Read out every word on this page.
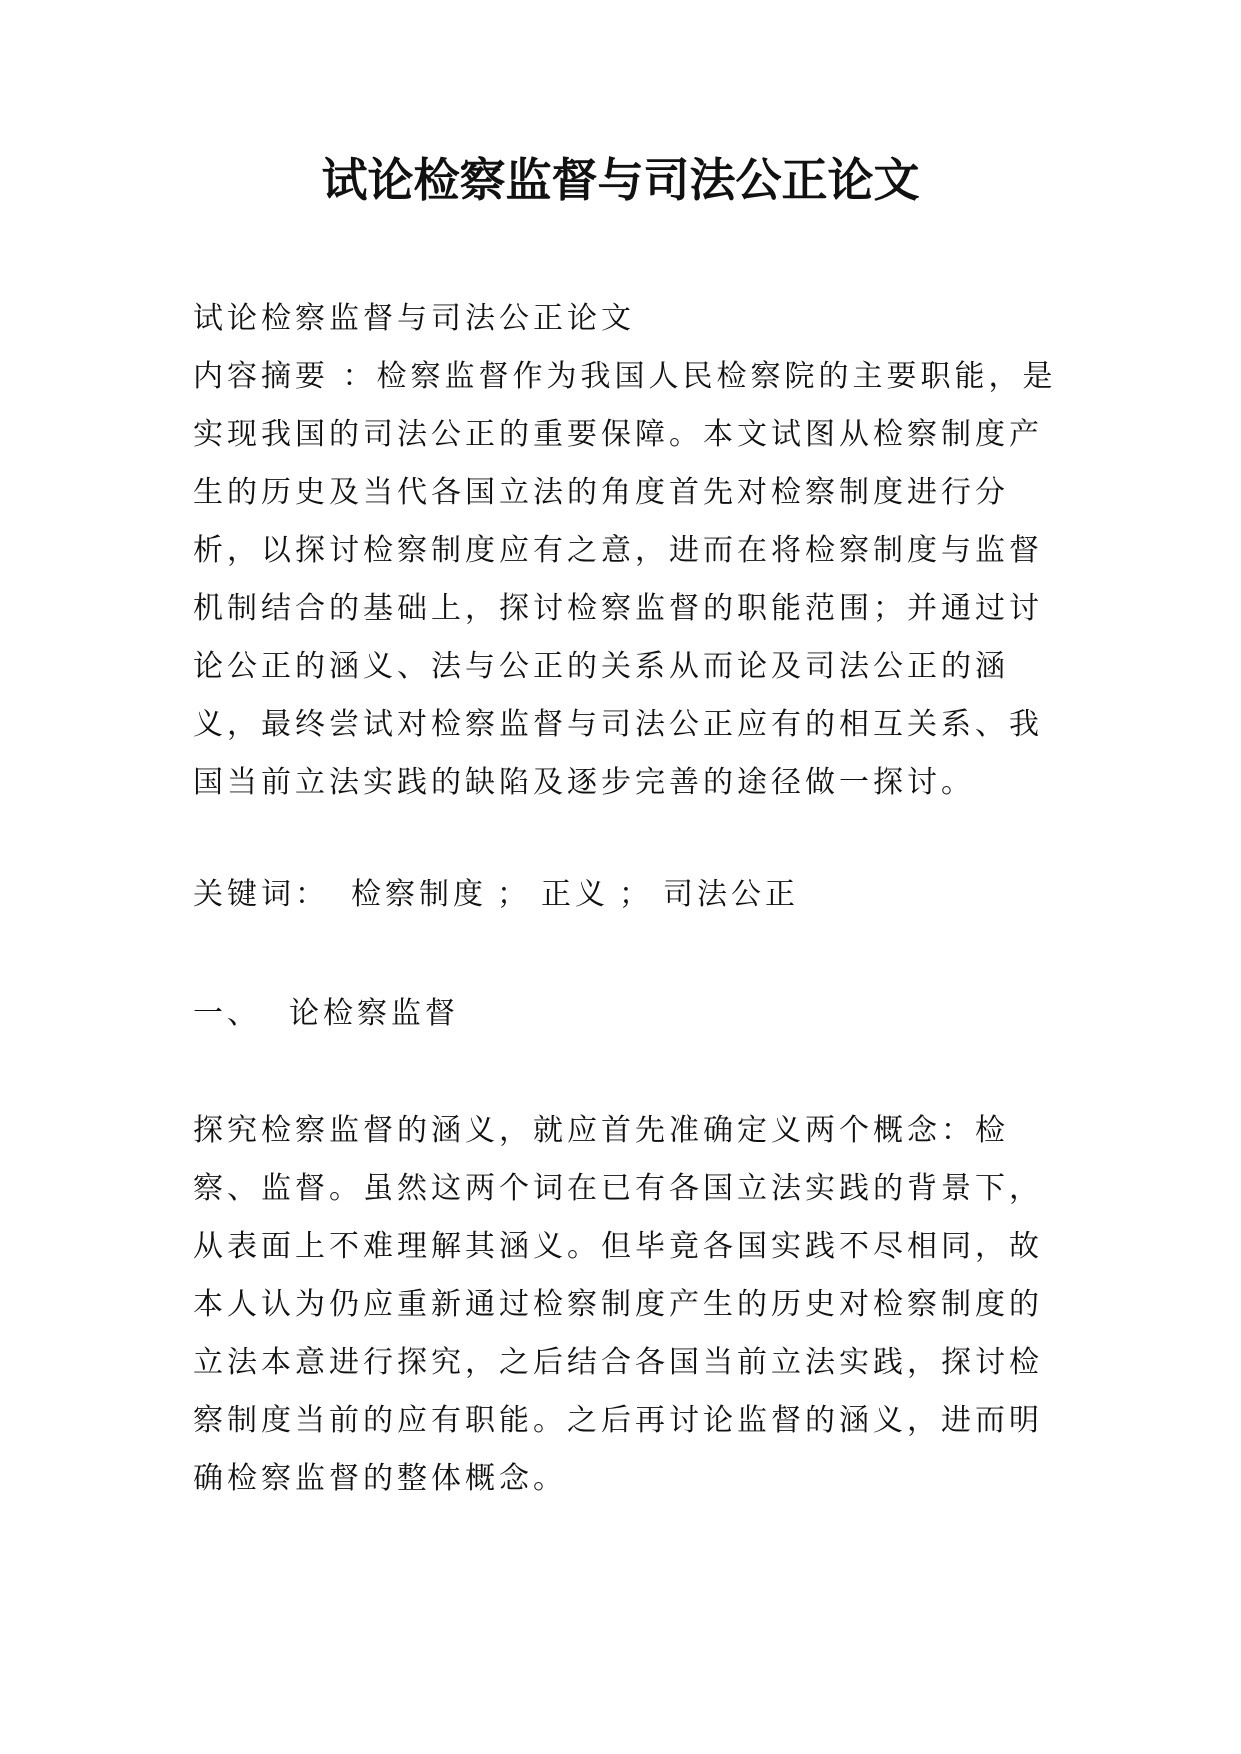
试论检察监督与司法公正论文

试论检察监督与司法公正论文

内容摘要 ：检察监督作为我国人民检察院的主要职能，是实现我国的司法公正的重要保障。本文试图从检察制度产生的历史及当代各国立法的角度首先对检察制度进行分析，以探讨检察制度应有之意，进而在将检察制度与监督机制结合的基础上，探讨检察监督的职能范围；并通过讨论公正的涵义、法与公正的关系从而论及司法公正的涵义，最终尝试对检察监督与司法公正应有的相互关系、我国当前立法实践的缺陷及逐步完善的途径做一探讨。

关键词： 检察制度 ； 正义 ； 司法公正

一、 论检察监督

探究检察监督的涵义，就应首先准确定义两个概念：检察、监督。虽然这两个词在已有各国立法实践的背景下，从表面上不难理解其涵义。但毕竟各国实践不尽相同，故本人认为仍应重新通过检察制度产生的历史对检察制度的立法本意进行探究，之后结合各国当前立法实践，探讨检察制度当前的应有职能。之后再讨论监督的涵义，进而明确检察监督的整体概念。
